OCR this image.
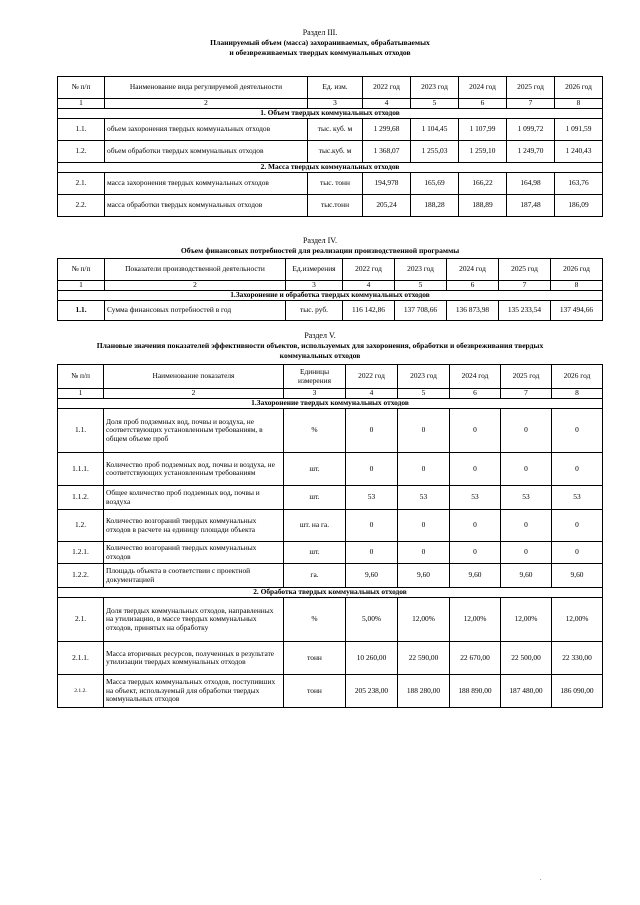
Раздел III.
Планируемый объем (масса) захораниваемых, обрабатываемых
и обезвреживаемых твердых коммунальных отходов
№ п/п	Наименование вида регулируемой деятельности	Ед. изм.	2022 год	2023 год	2024 год	2025 год	2026 год
1	2	3	4	5	6	7	8
1. Объем твердых коммунальных отходов							
1.1.	объем захоронения твердых коммунальных отходов	тыс. куб. м	1 299,68	1 104,45	1 107,99	1 099,72	1 091,59
1.2.	объем обработки твердых коммунальных отходов	тыс.куб. м	1 368,07	1 255,03	1 259,10	1 249,70	1 240,43
2. Масса твердых коммунальных отходов							
2.1.	масса захоронения твердых коммунальных отходов	тыс. тонн	194,978	165,69	166,22	164,98	163,76
2.2.	масса обработки твердых коммунальных отходов	тыс.тонн	205,24	188,28	188,89	187,48	186,09
Раздел IV.
Объем финансовых потребностей для реализации производственной программы
№ п/п	Показатели производственной деятельности	Ед.измерения	2022 год	2023 год	2024 год	2025 год	2026 год
1	2	3	4	5	6	7	8
1.Захоронение и обработка твердых коммунальных отходов							
1.1.	Сумма финансовых потребностей в год	тыс. руб.	116 142,86	137 708,66	136 873,98	135 233,54	137 494,66
Раздел V.
Плановые значения показателей эффективности объектов, используемых для захоронения, обработки и обезвреживания твердых
коммунальных отходов
№ п/п	Наименование показателя	Единицы измерения	2022 год	2023 год	2024 год	2025 год	2026 год
1	2	3	4	5	6	7	8
1.Захоронение твердых коммунальных отходов							
1.1.	Доля проб подземных вод, почвы и воздуха, не соответствующих установленным требованиям, в общем объеме проб	%	0	0	0	0	0
1.1.1.	Количество проб подземных вод, почвы и воздуха, не соответствующих установленным требованиям	шт.	0	0	0	0	0
1.1.2.	Общее количество проб подземных вод, почвы и воздуха	шт.	53	53	53	53	53
1.2.	Количество возгораний твердых коммунальных отходов в расчете на единицу площади объекта	шт. на га.	0	0	0	0	0
1.2.1.	Количество возгораний твердых коммунальных отходов	шт.	0	0	0	0	0
1.2.2.	Площадь объекта в соответствии с проектной документацией	га.	9,60	9,60	9,60	9,60	9,60
2. Обработка твердых коммунальных отходов							
2.1.	Доля твердых коммунальных отходов, направленных на утилизацию, в массе твердых коммунальных отходов, принятых на обработку	%	5,00%	12,00%	12,00%	12,00%	12,00%
2.1.1.	Масса вторичных ресурсов, полученных в результате утилизации твердых коммунальных отходов	тонн	10 260,00	22 590,00	22 670,00	22 500,00	22 330,00
2.1.2.	Масса твердых коммунальных отходов, поступивших на объект, используемый для обработки твердых коммунальных отходов	тонн	205 238,00	188 280,00	188 890,00	187 480,00	186 090,00
.
